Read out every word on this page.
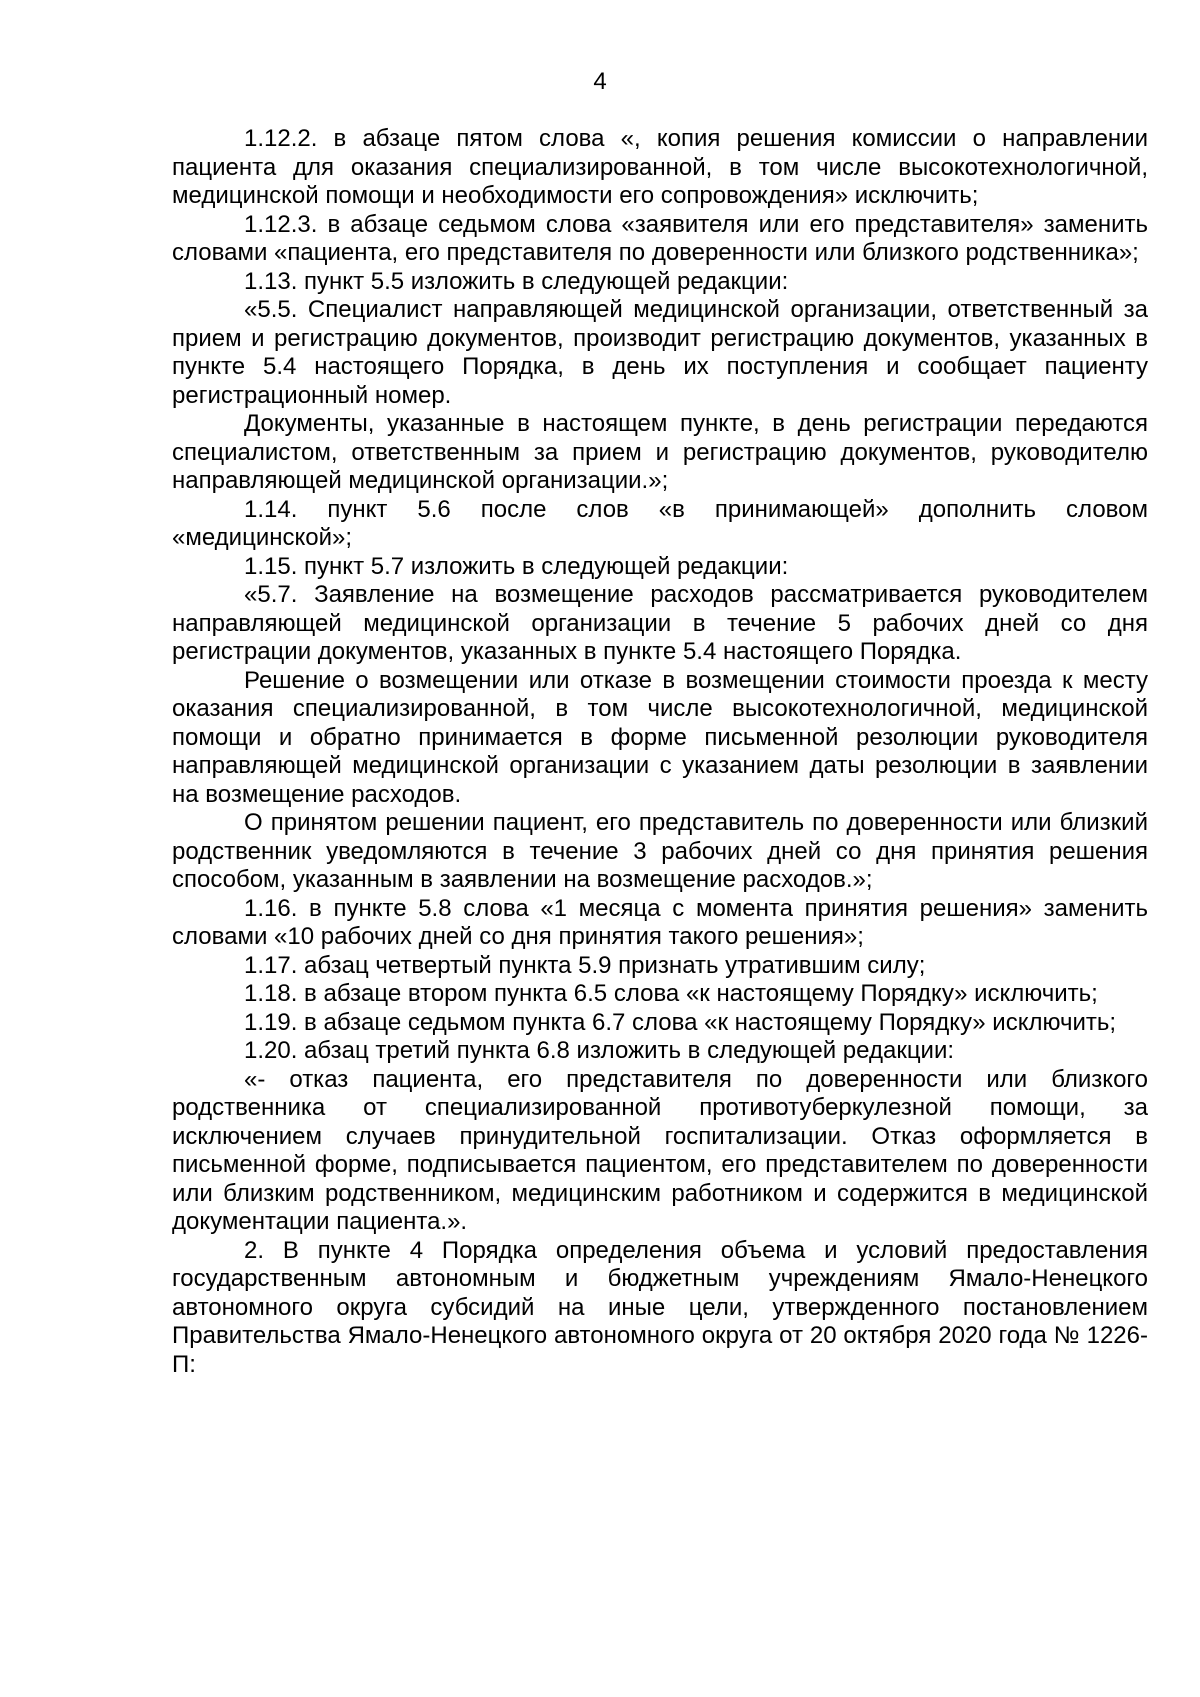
4

1.12.2. в абзаце пятом слова «, копия решения комиссии о направлении пациента для оказания специализированной, в том числе высокотехнологичной, медицинской помощи и необходимости его сопровождения» исключить;

1.12.3. в абзаце седьмом слова «заявителя или его представителя» заменить словами «пациента, его представителя по доверенности или близкого родственника»;

1.13. пункт 5.5 изложить в следующей редакции:

«5.5. Специалист направляющей медицинской организации, ответственный за прием и регистрацию документов, производит регистрацию документов, указанных в пункте 5.4 настоящего Порядка, в день их поступления и сообщает пациенту регистрационный номер.

Документы, указанные в настоящем пункте, в день регистрации передаются специалистом, ответственным за прием и регистрацию документов, руководителю направляющей медицинской организации.»;

1.14. пункт 5.6 после слов «в принимающей» дополнить словом «медицинской»;

1.15. пункт 5.7 изложить в следующей редакции:

«5.7. Заявление на возмещение расходов рассматривается руководителем направляющей медицинской организации в течение 5 рабочих дней со дня регистрации документов, указанных в пункте 5.4 настоящего Порядка.

Решение о возмещении или отказе в возмещении стоимости проезда к месту оказания специализированной, в том числе высокотехнологичной, медицинской помощи и обратно принимается в форме письменной резолюции руководителя направляющей медицинской организации с указанием даты резолюции в заявлении на возмещение расходов.

О принятом решении пациент, его представитель по доверенности или близкий родственник уведомляются в течение 3 рабочих дней со дня принятия решения способом, указанным в заявлении на возмещение расходов.»;

1.16. в пункте 5.8 слова «1 месяца с момента принятия решения» заменить словами «10 рабочих дней со дня принятия такого решения»;

1.17. абзац четвертый пункта 5.9 признать утратившим силу;

1.18. в абзаце втором пункта 6.5 слова «к настоящему Порядку» исключить;

1.19. в абзаце седьмом пункта 6.7 слова «к настоящему Порядку» исключить;

1.20. абзац третий пункта 6.8 изложить в следующей редакции:

«- отказ пациента, его представителя по доверенности или близкого родственника от специализированной противотуберкулезной помощи, за исключением случаев принудительной госпитализации. Отказ оформляется в письменной форме, подписывается пациентом, его представителем по доверенности или близким родственником, медицинским работником и содержится в медицинской документации пациента.».

2. В пункте 4 Порядка определения объема и условий предоставления государственным автономным и бюджетным учреждениям Ямало-Ненецкого автономного округа субсидий на иные цели, утвержденного постановлением Правительства Ямало-Ненецкого автономного округа от 20 октября 2020 года № 1226-П:
